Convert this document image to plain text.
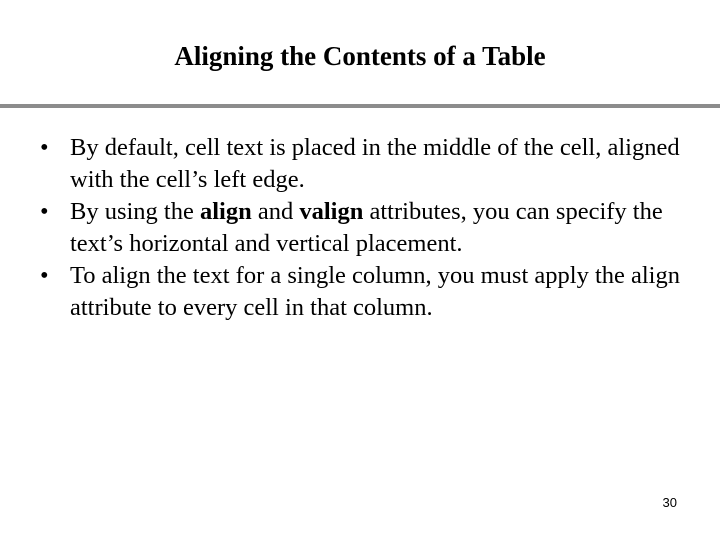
Aligning the Contents of a Table
• By default, cell text is placed in the middle of the cell, aligned with the cell’s left edge.
• By using the align and valign attributes, you can specify the text’s horizontal and vertical placement.
• To align the text for a single column, you must apply the align attribute to every cell in that column.
30
